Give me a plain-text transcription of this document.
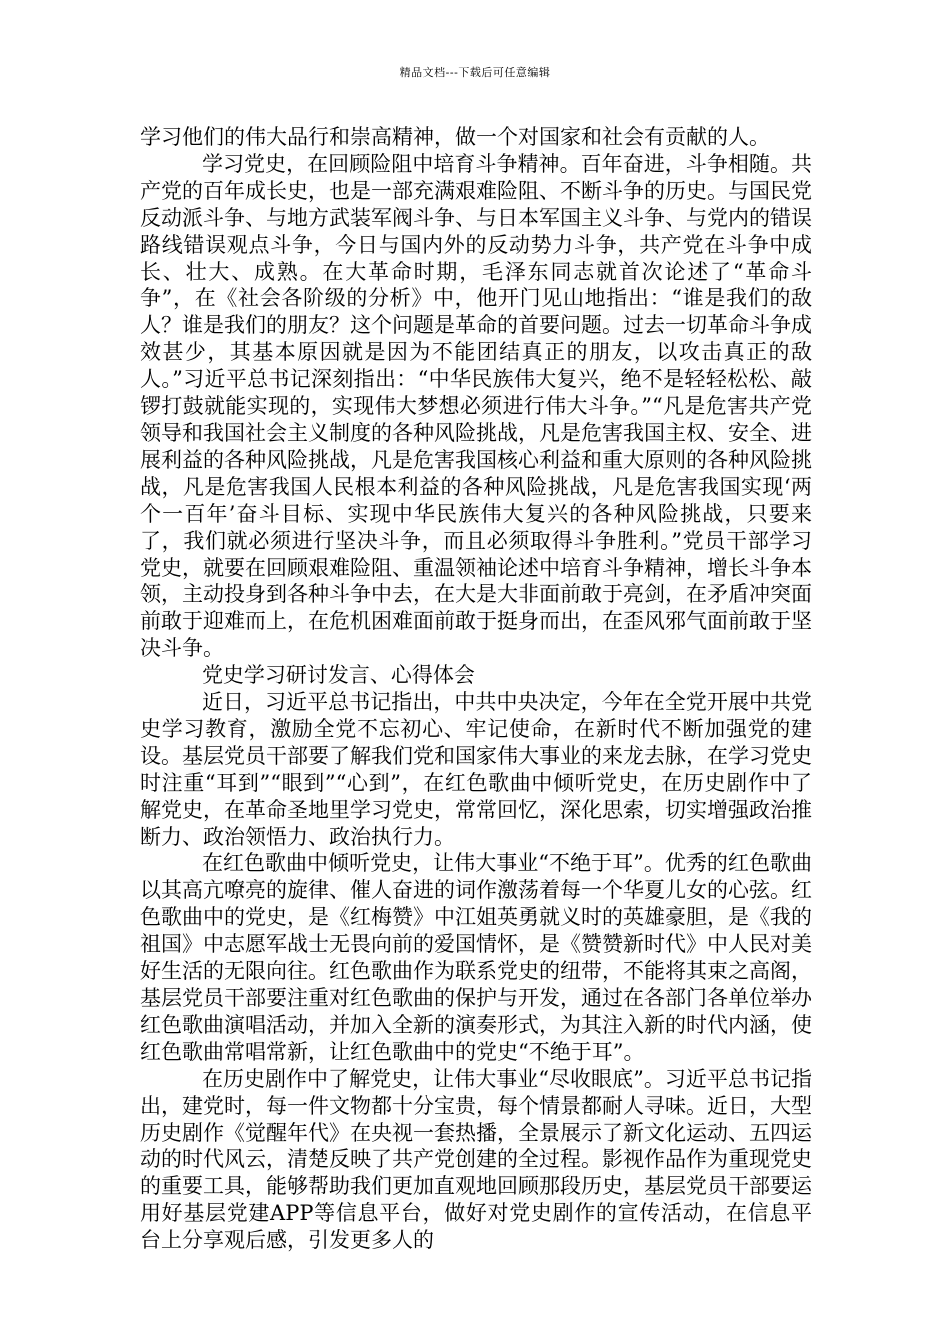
精品文档---下载后可任意编辑

学习他们的伟大品行和崇高精神，做一个对国家和社会有贡献的人。

学习党史，在回顾险阻中培育斗争精神。百年奋进，斗争相随。共产党的百年成长史，也是一部充满艰难险阻、不断斗争的历史。与国民党反动派斗争、与地方武装军阀斗争、与日本军国主义斗争、与党内的错误路线错误观点斗争，今日与国内外的反动势力斗争，共产党在斗争中成长、壮大、成熟。在大革命时期，毛泽东同志就首次论述了“革命斗争”，在《社会各阶级的分析》中，他开门见山地指出：“谁是我们的敌人？谁是我们的朋友？这个问题是革命的首要问题。过去一切革命斗争成效甚少，其基本原因就是因为不能团结真正的朋友，以攻击真正的敌人。”习近平总书记深刻指出：“中华民族伟大复兴，绝不是轻轻松松、敲锣打鼓就能实现的，实现伟大梦想必须进行伟大斗争。”“凡是危害共产党领导和我国社会主义制度的各种风险挑战，凡是危害我国主权、安全、进展利益的各种风险挑战，凡是危害我国核心利益和重大原则的各种风险挑战，凡是危害我国人民根本利益的各种风险挑战，凡是危害我国实现‘两个一百年’奋斗目标、实现中华民族伟大复兴的各种风险挑战，只要来了，我们就必须进行坚决斗争，而且必须取得斗争胜利。”党员干部学习党史，就要在回顾艰难险阻、重温领袖论述中培育斗争精神，增长斗争本领，主动投身到各种斗争中去，在大是大非面前敢于亮剑，在矛盾冲突面前敢于迎难而上，在危机困难面前敢于挺身而出，在歪风邪气面前敢于坚决斗争。

党史学习研讨发言、心得体会

近日，习近平总书记指出，中共中央决定，今年在全党开展中共党史学习教育，激励全党不忘初心、牢记使命，在新时代不断加强党的建设。基层党员干部要了解我们党和国家伟大事业的来龙去脉，在学习党史时注重“耳到”“眼到”“心到”，在红色歌曲中倾听党史，在历史剧作中了解党史，在革命圣地里学习党史，常常回忆，深化思索，切实增强政治推断力、政治领悟力、政治执行力。

在红色歌曲中倾听党史，让伟大事业“不绝于耳”。优秀的红色歌曲以其高亢嘹亮的旋律、催人奋进的词作激荡着每一个华夏儿女的心弦。红色歌曲中的党史，是《红梅赞》中江姐英勇就义时的英雄豪胆，是《我的祖国》中志愿军战士无畏向前的爱国情怀，是《赞赞新时代》中人民对美好生活的无限向往。红色歌曲作为联系党史的纽带，不能将其束之高阁，基层党员干部要注重对红色歌曲的保护与开发，通过在各部门各单位举办红色歌曲演唱活动，并加入全新的演奏形式，为其注入新的时代内涵，使红色歌曲常唱常新，让红色歌曲中的党史“不绝于耳”。

在历史剧作中了解党史，让伟大事业“尽收眼底”。习近平总书记指出，建党时，每一件文物都十分宝贵，每个情景都耐人寻味。近日，大型历史剧作《觉醒年代》在央视一套热播，全景展示了新文化运动、五四运动的时代风云，清楚反映了共产党创建的全过程。影视作品作为重现党史的重要工具，能够帮助我们更加直观地回顾那段历史，基层党员干部要运用好基层党建APP等信息平台，做好对党史剧作的宣传活动，在信息平台上分享观后感，引发更多人的
